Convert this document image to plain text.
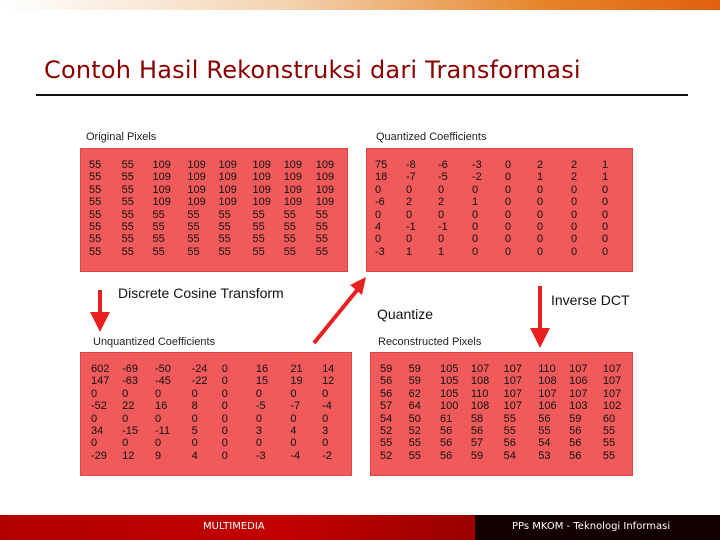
Contoh Hasil Rekonstruksi dari Transformasi
Original Pixels
55	55	109	109	109	109	109	109
55	55	109	109	109	109	109	109
55	55	109	109	109	109	109	109
55	55	109	109	109	109	109	109
55	55	55	55	55	55	55	55
55	55	55	55	55	55	55	55
55	55	55	55	55	55	55	55
55	55	55	55	55	55	55	55
Quantized Coefficients
75	-8	-6	-3	0	2	2	1
18	-7	-5	-2	0	1	2	1
0	0	0	0	0	0	0	0
-6	2	2	1	0	0	0	0
0	0	0	0	0	0	0	0
4	-1	-1	0	0	0	0	0
0	0	0	0	0	0	0	0
-3	1	1	0	0	0	0	0
Unquantized Coefficients
602	-69	-50	-24	0	16	21	14
147	-63	-45	-22	0	15	19	12
0	0	0	0	0	0	0	0
-52	22	16	8	0	-5	-7	-4
0	0	0	0	0	0	0	0
34	-15	-11	5	0	3	4	3
0	0	0	0	0	0	0	0
-29	12	9	4	0	-3	-4	-2
Reconstructed Pixels
59	59	105	107	107	110	107	107
56	59	105	108	107	108	106	107
56	62	105	110	107	107	107	107
57	64	100	108	107	106	103	102
54	50	61	58	55	56	59	60
52	52	56	56	55	55	56	55
55	55	56	57	56	54	56	55
52	55	56	59	54	53	56	55
Discrete Cosine Transform
Quantize
Inverse DCT
MULTIMEDIA	PPs MKOM - Teknologi Informasi
